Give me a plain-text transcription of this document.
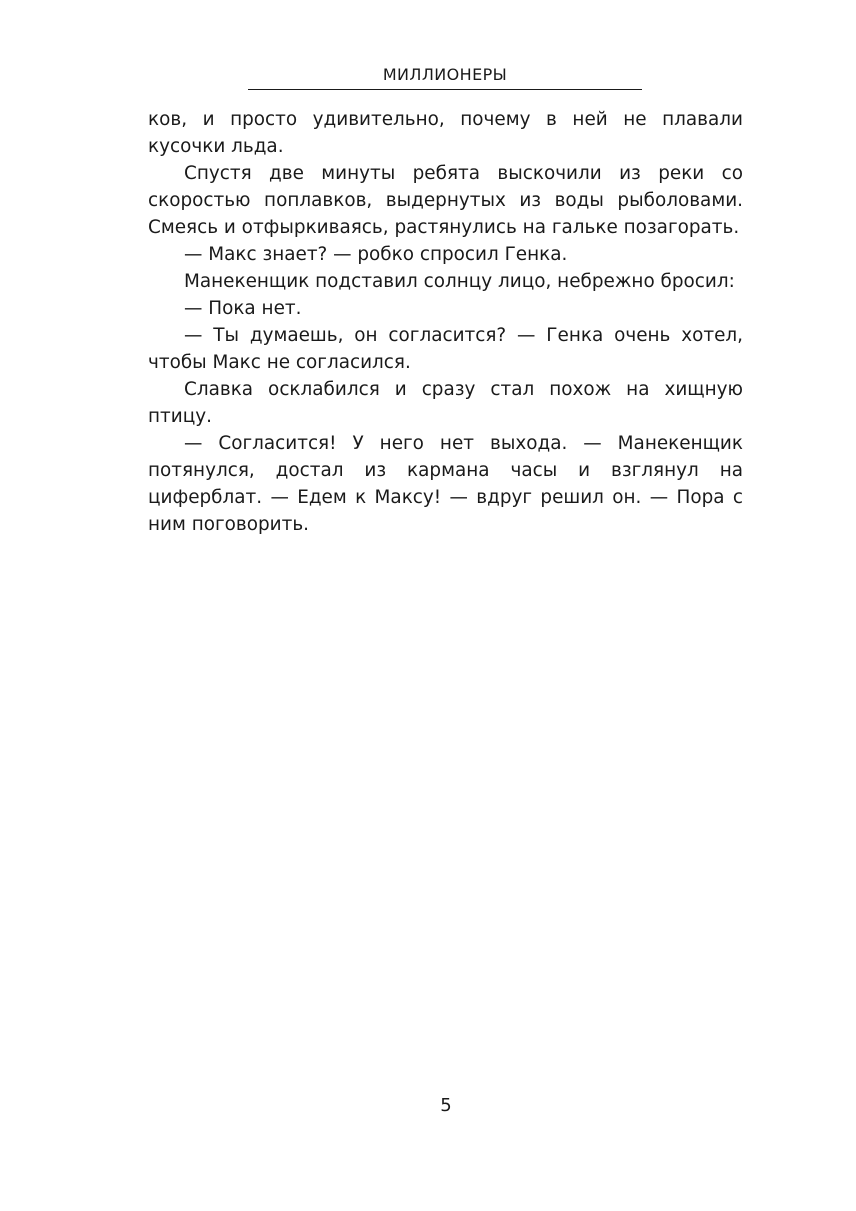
МИЛЛИОНЕРЫ

ков, и просто удивительно, почему в ней не плавали кусочки льда.

Спустя две минуты ребята выскочили из реки со скоростью поплавков, выдернутых из воды рыболовами. Смеясь и отфыркиваясь, растянулись на гальке позагорать.

— Макс знает? — робко спросил Генка.

Манекенщик подставил солнцу лицо, небрежно бросил:

— Пока нет.

— Ты думаешь, он согласится? — Генка очень хотел, чтобы Макс не согласился.

Славка осклабился и сразу стал похож на хищную птицу.

— Согласится! У него нет выхода. — Манекенщик потянулся, достал из кармана часы и взглянул на циферблат. — Едем к Максу! — вдруг решил он. — Пора с ним поговорить.

5
